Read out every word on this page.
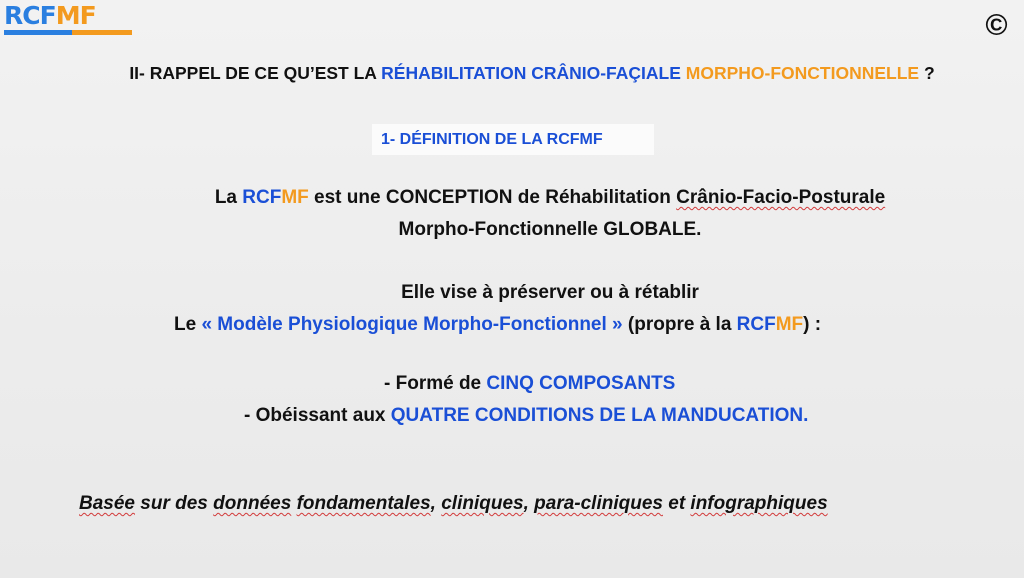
RCFMF	©
II- RAPPEL DE CE QU’EST LA RÉHABILITATION CRÂNIO-FAÇIALE MORPHO-FONCTIONNELLE ?
1- DÉFINITION DE LA RCFMF
La RCFMF est une CONCEPTION de Réhabilitation Crânio-Facio-Posturale
Morpho-Fonctionnelle GLOBALE.
Elle vise à préserver ou à rétablir
Le « Modèle Physiologique Morpho-Fonctionnel » (propre à la RCFMF) :
- Formé de CINQ COMPOSANTS
- Obéissant aux QUATRE CONDITIONS DE LA MANDUCATION.
Basée sur des données fondamentales, cliniques, para-cliniques et infographiques
